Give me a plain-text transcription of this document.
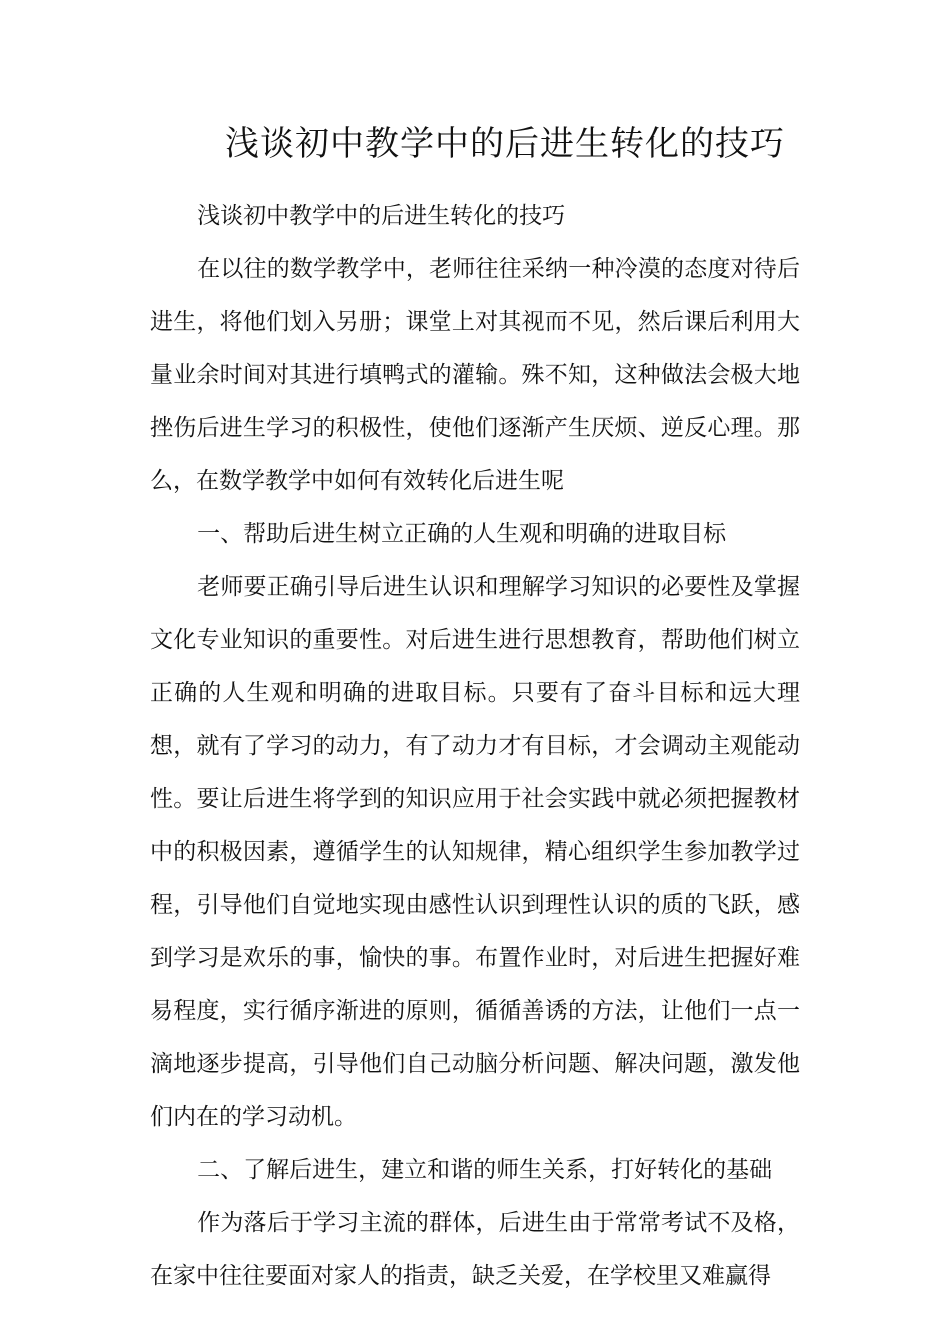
浅谈初中教学中的后进生转化的技巧

浅谈初中教学中的后进生转化的技巧

在以往的数学教学中，老师往往采纳一种冷漠的态度对待后进生，将他们划入另册；课堂上对其视而不见，然后课后利用大量业余时间对其进行填鸭式的灌输。殊不知，这种做法会极大地挫伤后进生学习的积极性，使他们逐渐产生厌烦、逆反心理。那么，在数学教学中如何有效转化后进生呢

一、帮助后进生树立正确的人生观和明确的进取目标

老师要正确引导后进生认识和理解学习知识的必要性及掌握文化专业知识的重要性。对后进生进行思想教育，帮助他们树立正确的人生观和明确的进取目标。只要有了奋斗目标和远大理想，就有了学习的动力，有了动力才有目标，才会调动主观能动性。要让后进生将学到的知识应用于社会实践中就必须把握教材中的积极因素，遵循学生的认知规律，精心组织学生参加教学过程，引导他们自觉地实现由感性认识到理性认识的质的飞跃，感到学习是欢乐的事，愉快的事。布置作业时，对后进生把握好难易程度，实行循序渐进的原则，循循善诱的方法，让他们一点一滴地逐步提高，引导他们自己动脑分析问题、解决问题，激发他们内在的学习动机。

二、了解后进生，建立和谐的师生关系，打好转化的基础

作为落后于学习主流的群体，后进生由于常常考试不及格，在家中往往要面对家人的指责，缺乏关爱，在学校里又难赢得
